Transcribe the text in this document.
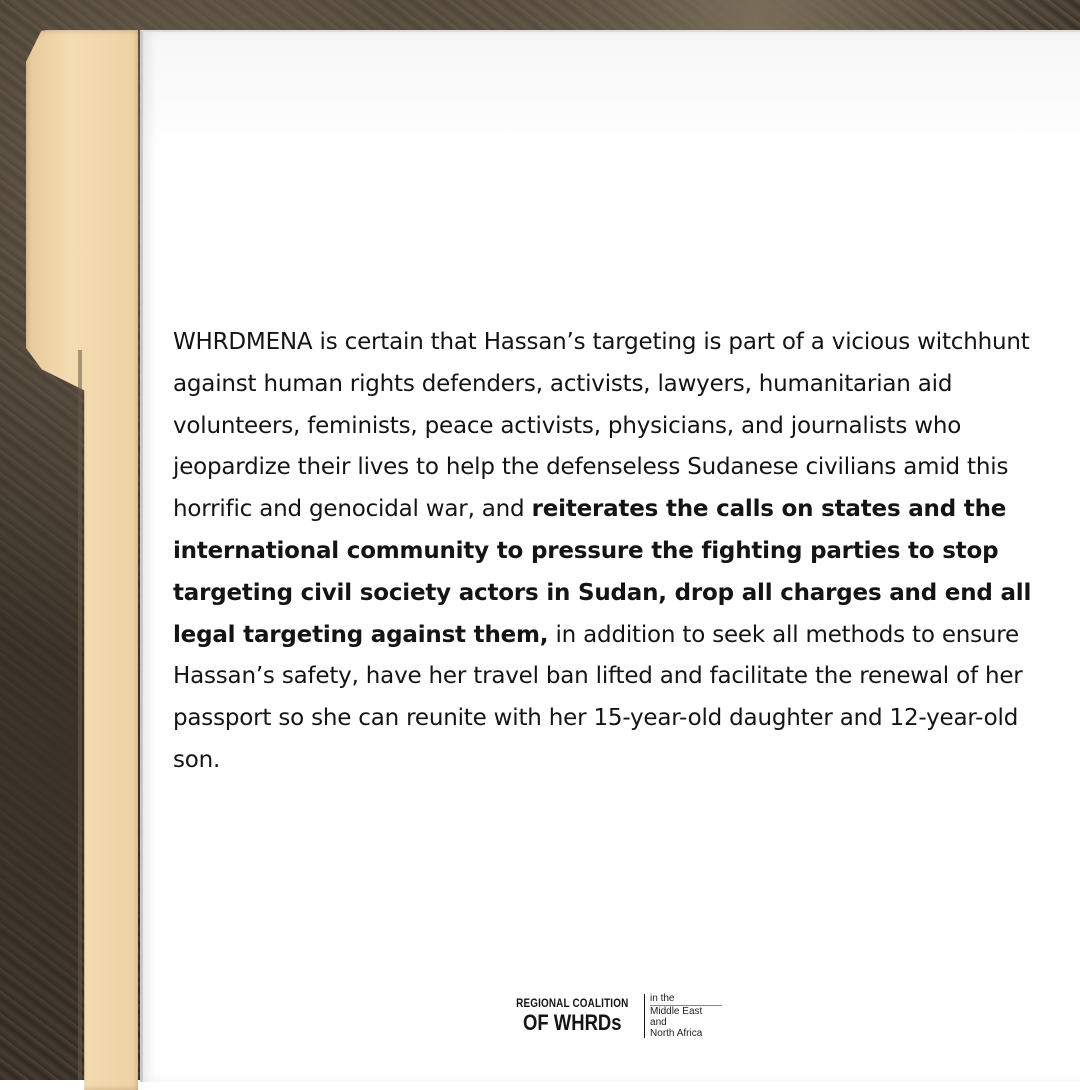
WHRDMENA is certain that Hassan’s targeting is part of a vicious witchhunt against human rights defenders, activists, lawyers, humanitarian aid volunteers, feminists, peace activists, physicians, and journalists who jeopardize their lives to help the defenseless Sudanese civilians amid this horrific and genocidal war, and reiterates the calls on states and the international community to pressure the fighting parties to stop targeting civil society actors in Sudan, drop all charges and end all legal targeting against them, in addition to seek all methods to ensure Hassan’s safety, have her travel ban lifted and facilitate the renewal of her passport so she can reunite with her 15-year-old daughter and 12-year-old son.

REGIONAL COALITION
OF WHRDs
in the
Middle East
and
North Africa
